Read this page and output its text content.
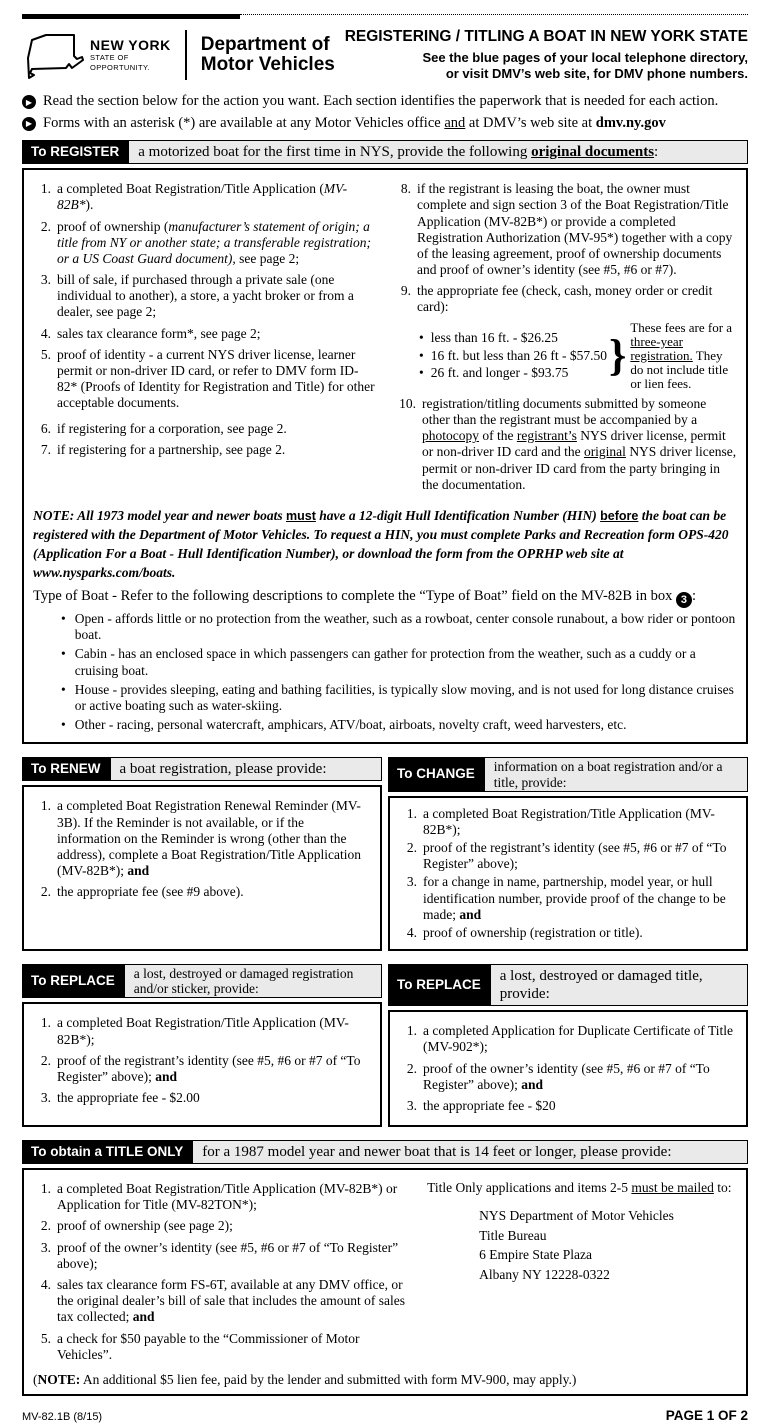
NEW YORK
STATE OF
OPPORTUNITY.
Department of
Motor Vehicles
REGISTERING / TITLING A BOAT IN NEW YORK STATE
See the blue pages of your local telephone directory,
or visit DMV’s web site, for DMV phone numbers.
▶ Read the section below for the action you want. Each section identifies the paperwork that is needed for each action.
▶ Forms with an asterisk (*) are available at any Motor Vehicles office and at DMV’s web site at dmv.ny.gov
To REGISTER	a motorized boat for the first time in NYS, provide the following original documents:
1. a completed Boat Registration/Title Application (MV-82B*).
2. proof of ownership (manufacturer’s statement of origin; a title from NY or another state; a transferable registration; or a US Coast Guard document), see page 2;
3. bill of sale, if purchased through a private sale (one individual to another), a store, a yacht broker or from a dealer, see page 2;
4. sales tax clearance form*, see page 2;
5. proof of identity - a current NYS driver license, learner permit or non-driver ID card, or refer to DMV form ID-82* (Proofs of Identity for Registration and Title) for other acceptable documents.
6. if registering for a corporation, see page 2.
7. if registering for a partnership, see page 2.
8. if the registrant is leasing the boat, the owner must complete and sign section 3 of the Boat Registration/Title Application (MV-82B*) or provide a completed Registration Authorization (MV-95*) together with a copy of the leasing agreement, proof of ownership documents and proof of owner’s identity (see #5, #6 or #7).
9. the appropriate fee (check, cash, money order or credit card):
• less than 16 ft. - $26.25
• 16 ft. but less than 26 ft - $57.50
• 26 ft. and longer - $93.75 }
These fees are for a three-year registration. They do not include title or lien fees.
10. registration/titling documents submitted by someone other than the registrant must be accompanied by a photocopy of the registrant’s NYS driver license, permit or non-driver ID card and the original NYS driver license, permit or non-driver ID card from the party bringing in the documentation.
NOTE: All 1973 model year and newer boats must have a 12-digit Hull Identification Number (HIN) before the boat can be registered with the Department of Motor Vehicles. To request a HIN, you must complete Parks and Recreation form OPS-420 (Application For a Boat - Hull Identification Number), or download the form from the OPRHP web site at www.nysparks.com/boats.
Type of Boat - Refer to the following descriptions to complete the “Type of Boat” field on the MV-82B in box 3 :
• Open - affords little or no protection from the weather, such as a rowboat, center console runabout, a bow rider or pontoon boat.
• Cabin - has an enclosed space in which passengers can gather for protection from the weather, such as a cuddy or a cruising boat.
• House - provides sleeping, eating and bathing facilities, is typically slow moving, and is not used for long distance cruises or active boating such as water-skiing.
• Other - racing, personal watercraft, amphicars, ATV/boat, airboats, novelty craft, weed harvesters, etc.
To RENEW	a boat registration, please provide:
1. a completed Boat Registration Renewal Reminder (MV-3B). If the Reminder is not available, or if the information on the Reminder is wrong (other than the address), complete a Boat Registration/Title Application (MV-82B*); and
2. the appropriate fee (see #9 above).
To CHANGE	information on a boat registration and/or a title, provide:
1. a completed Boat Registration/Title Application (MV-82B*);
2. proof of the registrant’s identity (see #5, #6 or #7 of “To Register” above);
3. for a change in name, partnership, model year, or hull identification number, provide proof of the change to be made; and
4. proof of ownership (registration or title).
To REPLACE	a lost, destroyed or damaged registration and/or sticker, provide:
1. a completed Boat Registration/Title Application (MV-82B*);
2. proof of the registrant’s identity (see #5, #6 or #7 of “To Register” above); and
3. the appropriate fee - $2.00
To REPLACE
a lost, destroyed or damaged title, provide:
1. a completed Application for Duplicate Certificate of Title (MV-902*);
2. proof of the owner’s identity (see #5, #6 or #7 of “To Register” above); and
3. the appropriate fee - $20
To obtain a TITLE ONLY	for a 1987 model year and newer boat that is 14 feet or longer, please provide:
1. a completed Boat Registration/Title Application (MV-82B*) or Application for Title (MV-82TON*);
2. proof of ownership (see page 2);
3. proof of the owner’s identity (see #5, #6 or #7 of “To Register” above);
4. sales tax clearance form FS-6T, available at any DMV office, or the original dealer’s bill of sale that includes the amount of sales tax collected; and
5. a check for $50 payable to the “Commissioner of Motor Vehicles”.
Title Only applications and items 2-5 must be mailed to:
NYS Department of Motor Vehicles
Title Bureau
6 Empire State Plaza
Albany NY 12228-0322
(NOTE: An additional $5 lien fee, paid by the lender and submitted with form MV-900, may apply.)
MV-82.1B (8/15)	PAGE 1 OF 2
